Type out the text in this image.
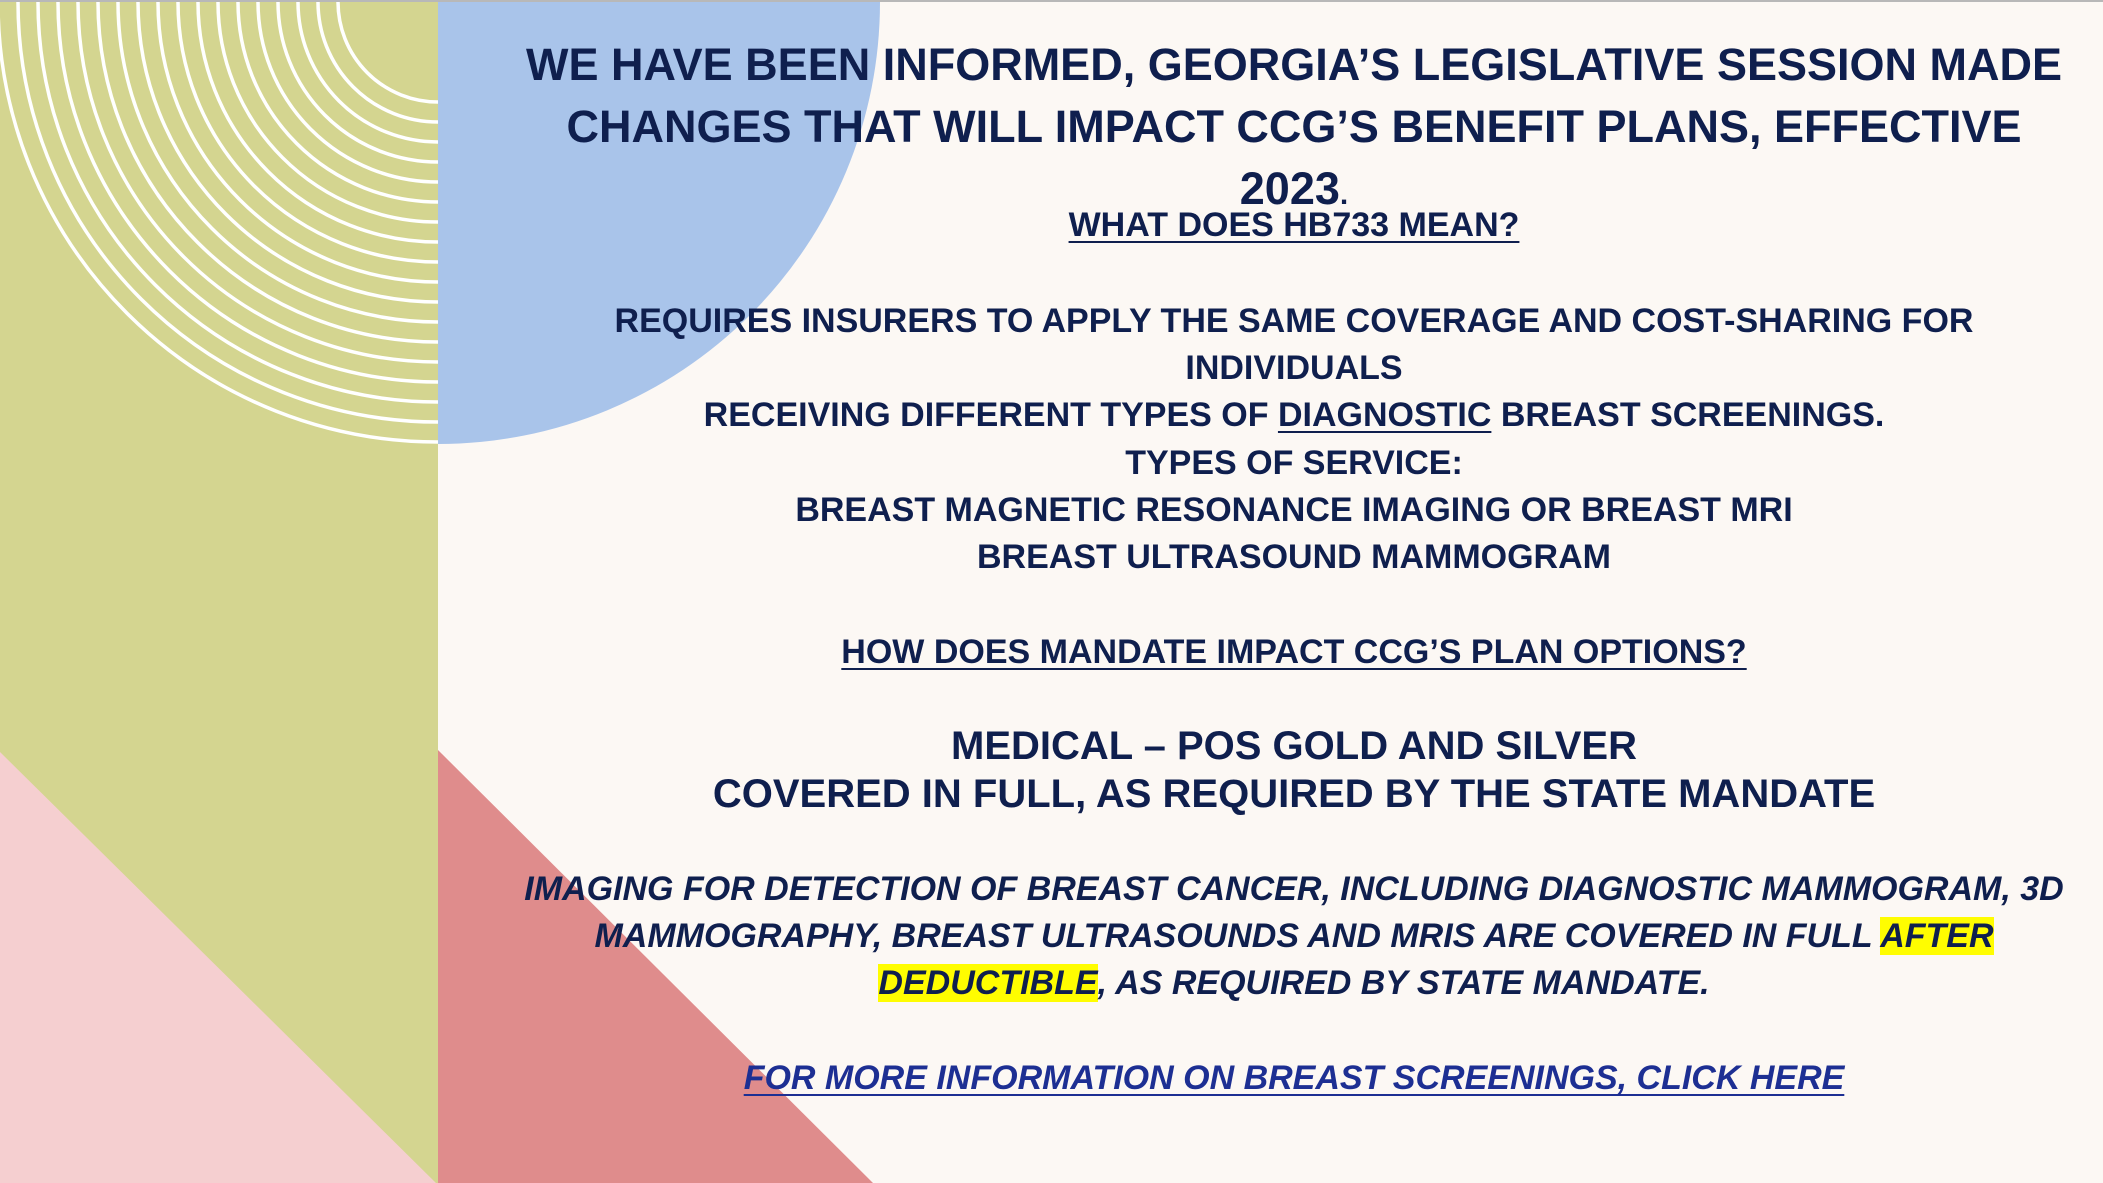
WE HAVE BEEN INFORMED, GEORGIA’S LEGISLATIVE SESSION MADE
CHANGES THAT WILL IMPACT CCG’S BENEFIT PLANS, EFFECTIVE 2023.
WHAT DOES HB733 MEAN?
REQUIRES INSURERS TO APPLY THE SAME COVERAGE AND COST-SHARING FOR INDIVIDUALS
RECEIVING DIFFERENT TYPES OF DIAGNOSTIC BREAST SCREENINGS.
TYPES OF SERVICE:
BREAST MAGNETIC RESONANCE IMAGING OR BREAST MRI
BREAST ULTRASOUND MAMMOGRAM
HOW DOES MANDATE IMPACT CCG’S PLAN OPTIONS?
MEDICAL – POS GOLD AND SILVER
COVERED IN FULL, AS REQUIRED BY THE STATE MANDATE
IMAGING FOR DETECTION OF BREAST CANCER, INCLUDING DIAGNOSTIC MAMMOGRAM, 3D
MAMMOGRAPHY, BREAST ULTRASOUNDS AND MRIS ARE COVERED IN FULL AFTER
DEDUCTIBLE, AS REQUIRED BY STATE MANDATE.
FOR MORE INFORMATION ON BREAST SCREENINGS, CLICK HERE
